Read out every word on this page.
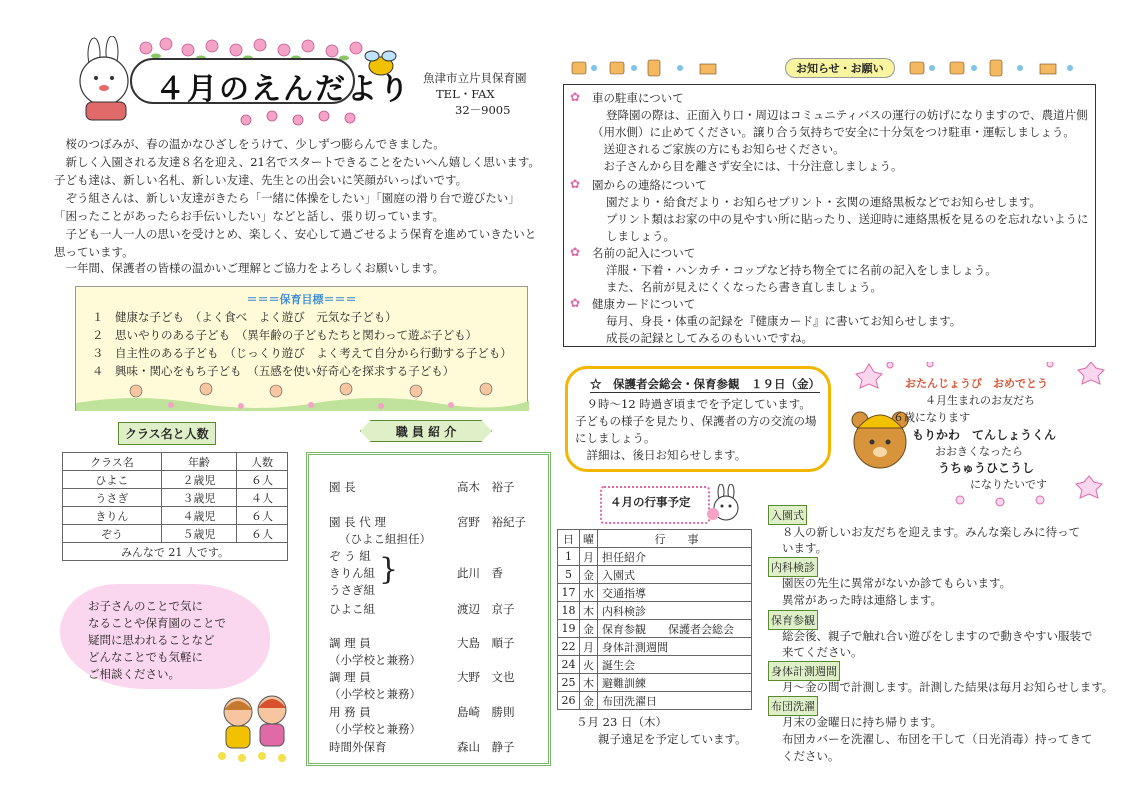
４月のえんだより 魚津市立片貝保育園
TEL・FAX
32－9005
　桜のつぼみが、春の温かなひざしをうけて、少しずつ膨らんできました。
　新しく入園される友達８名を迎え、21名でスタートできることをたいへん嬉しく思います。
子ども達は、新しい名札、新しい友達、先生との出会いに笑顔がいっぱいです。
　ぞう組さんは、新しい友達がきたら「一緒に体操をしたい」「園庭の滑り台で遊びたい」
「困ったことがあったらお手伝いしたい」などと話し、張り切っています。
　子ども一人一人の思いを受けとめ、楽しく、安心して過ごせるよう保育を進めていきたいと
思っています。
　一年間、保護者の皆様の温かいご理解とご協力をよろしくお願いします。
＝＝＝保育目標＝＝＝
１　健康な子ども　（よく食べ　よく遊び　元気な子ども）
２　思いやりのある子ども　（異年齢の子どもたちと関わって遊ぶ子ども）
３　自主性のある子ども　（じっくり遊び　よく考えて自分から行動する子ども）
４　興味・関心をもち子ども　（五感を使い好奇心を探求する子ども）
クラス名と人数
クラス名	年齢	人数
ひよこ	２歳児	６人
うさぎ	３歳児	４人
きりん	４歳児	６人
ぞう	５歳児	６人
みんなで 21 人です。		
お子さんのことで気に
なることや保育園のことで
疑問に思われることなど
どんなことでも気軽に
ご相談ください。
職 員 紹 介
園 長	高木　裕子
園 長 代 理	宮野　裕紀子
（ひよこ組担任）
ぞ う 組
きりん組
うさぎ組
}	此川　香
ひよこ組	渡辺　京子
調 理 員	大島　順子
（小学校と兼務）
調 理 員	大野　文也
（小学校と兼務）
用 務 員	島崎　勝則
（小学校と兼務）
時間外保育	森山　静子
お知らせ・お願い
✿ 車の駐車について
登降園の際は、正面入り口・周辺はコミュニティバスの運行の妨げになりますので、農道片側
（用水側）に止めてください。譲り合う気持ちで安全に十分気をつけ駐車・運転しましょう。
　送迎されるご家族の方にもお知らせください。
　お子さんから目を離さず安全には、十分注意しましょう。
✿ 園からの連絡について
園だより・給食だより・お知らせプリント・玄関の連絡黒板などでお知らせします。
プリント類はお家の中の見やすい所に貼ったり、送迎時に連絡黒板を見るのを忘れないように
しましょう。
✿ 名前の記入について
洋服・下着・ハンカチ・コップなど持ち物全てに名前の記入をしましょう。
また、名前が見えにくくなったら書き直しましょう。
✿ 健康カードについて
毎月、身長・体重の記録を『健康カード』に書いてお知らせします。
成長の記録としてみるのもいいですね。
☆　保護者会総会・保育参観　１９日（金）
　９時～12 時過ぎ頃までを予定しています。
子どもの様子を見たり、保護者の方の交流の場
にしましょう。
　詳細は、後日お知らせします。
おたんじょうび　おめでとう
４月生まれのお友だち
６歳になります
もりかわ　てんしょうくん
おおきくなったら
うちゅうひこうし
になりたいです
４月の行事予定
日	曜	行　　事
1	月	担任紹介
5	金	入園式
17	水	交通指導
18	木	内科検診
19	金	保育参観　　保護者会総会
22	月	身体計測週間
24	火	誕生会
25	木	避難訓練
26	金	布団洗濯日
５月 23 日（木）
親子遠足を予定しています。
入園式
８人の新しいお友だちを迎えます。みんな楽しみに待って
います。
内科検診
園医の先生に異常がないか診てもらいます。
異常があった時は連絡します。
保育参観
総会後、親子で触れ合い遊びをしますので動きやすい服装で
来てください。
身体計測週間
月～金の間で計測します。計測した結果は毎月お知らせします。
布団洗濯
月末の金曜日に持ち帰ります。
布団カバーを洗濯し、布団を干して（日光消毒）持ってきて
ください。
